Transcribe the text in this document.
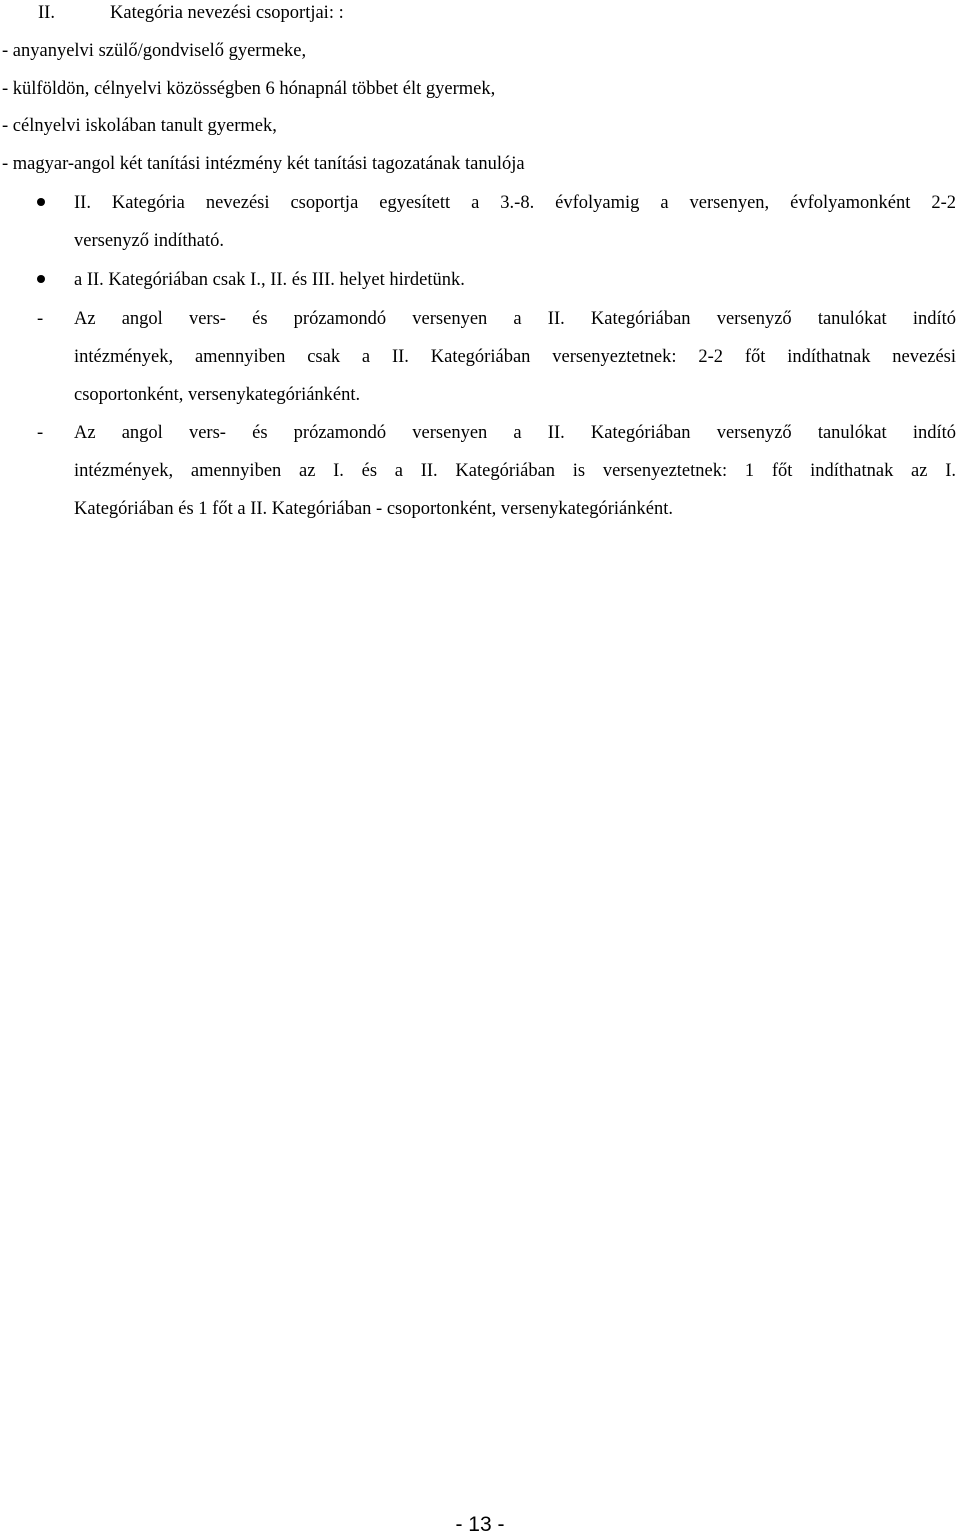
II.	Kategória nevezési csoportjai: :
- anyanyelvi szülő/gondviselő gyermeke,
- külföldön, célnyelvi közösségben 6 hónapnál többet élt gyermek,
- célnyelvi iskolában tanult gyermek,
- magyar-angol két tanítási intézmény két tanítási tagozatának tanulója
II. Kategória nevezési csoportja egyesített a 3.-8. évfolyamig a versenyen, évfolyamonként 2-2
versenyző indítható.
a II. Kategóriában csak I., II. és III. helyet hirdetünk.
- Az angol vers- és prózamondó versenyen a II. Kategóriában versenyző tanulókat indító
intézmények, amennyiben csak a II. Kategóriában versenyeztetnek: 2-2 főt indíthatnak nevezési
csoportonként, versenykategóriánként.
- Az angol vers- és prózamondó versenyen a II. Kategóriában versenyző tanulókat indító
intézmények, amennyiben az I. és a II. Kategóriában is versenyeztetnek: 1 főt indíthatnak az I.
Kategóriában és 1 főt a II. Kategóriában - csoportonként, versenykategóriánként.
- 13 -
